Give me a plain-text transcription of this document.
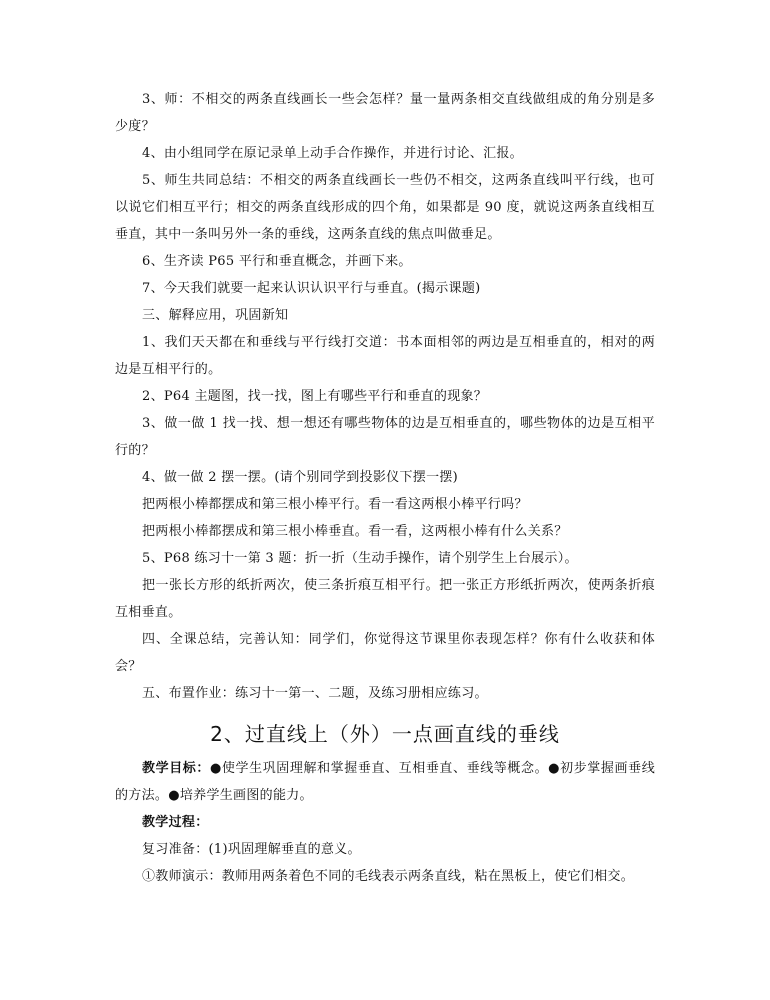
3、师：不相交的两条直线画长一些会怎样？量一量两条相交直线做组成的角分别是多少度？

4、由小组同学在原记录单上动手合作操作，并进行讨论、汇报。

5、师生共同总结：不相交的两条直线画长一些仍不相交，这两条直线叫平行线，也可以说它们相互平行；相交的两条直线形成的四个角，如果都是 90 度，就说这两条直线相互垂直，其中一条叫另外一条的垂线，这两条直线的焦点叫做垂足。

6、生齐读 P65 平行和垂直概念，并画下来。

7、今天我们就要一起来认识认识平行与垂直。(揭示课题)

三、解释应用，巩固新知

1、我们天天都在和垂线与平行线打交道：书本面相邻的两边是互相垂直的，相对的两边是互相平行的。

2、P64 主题图，找一找，图上有哪些平行和垂直的现象？

3、做一做 1 找一找、想一想还有哪些物体的边是互相垂直的，哪些物体的边是互相平行的？

4、做一做 2 摆一摆。(请个别同学到投影仪下摆一摆)

把两根小棒都摆成和第三根小棒平行。看一看这两根小棒平行吗？

把两根小棒都摆成和第三根小棒垂直。看一看，这两根小棒有什么关系？

5、P68 练习十一第 3 题：折一折（生动手操作，请个别学生上台展示）。

把一张长方形的纸折两次，使三条折痕互相平行。把一张正方形纸折两次，使两条折痕互相垂直。

四、全课总结，完善认知：同学们，你觉得这节课里你表现怎样？你有什么收获和体会？

五、布置作业：练习十一第一、二题，及练习册相应练习。

2、过直线上（外）一点画直线的垂线

教学目标：●使学生巩固理解和掌握垂直、互相垂直、垂线等概念。●初步掌握画垂线的方法。●培养学生画图的能力。

教学过程：

复习准备：(1)巩固理解垂直的意义。

①教师演示：教师用两条着色不同的毛线表示两条直线，粘在黑板上，使它们相交。
